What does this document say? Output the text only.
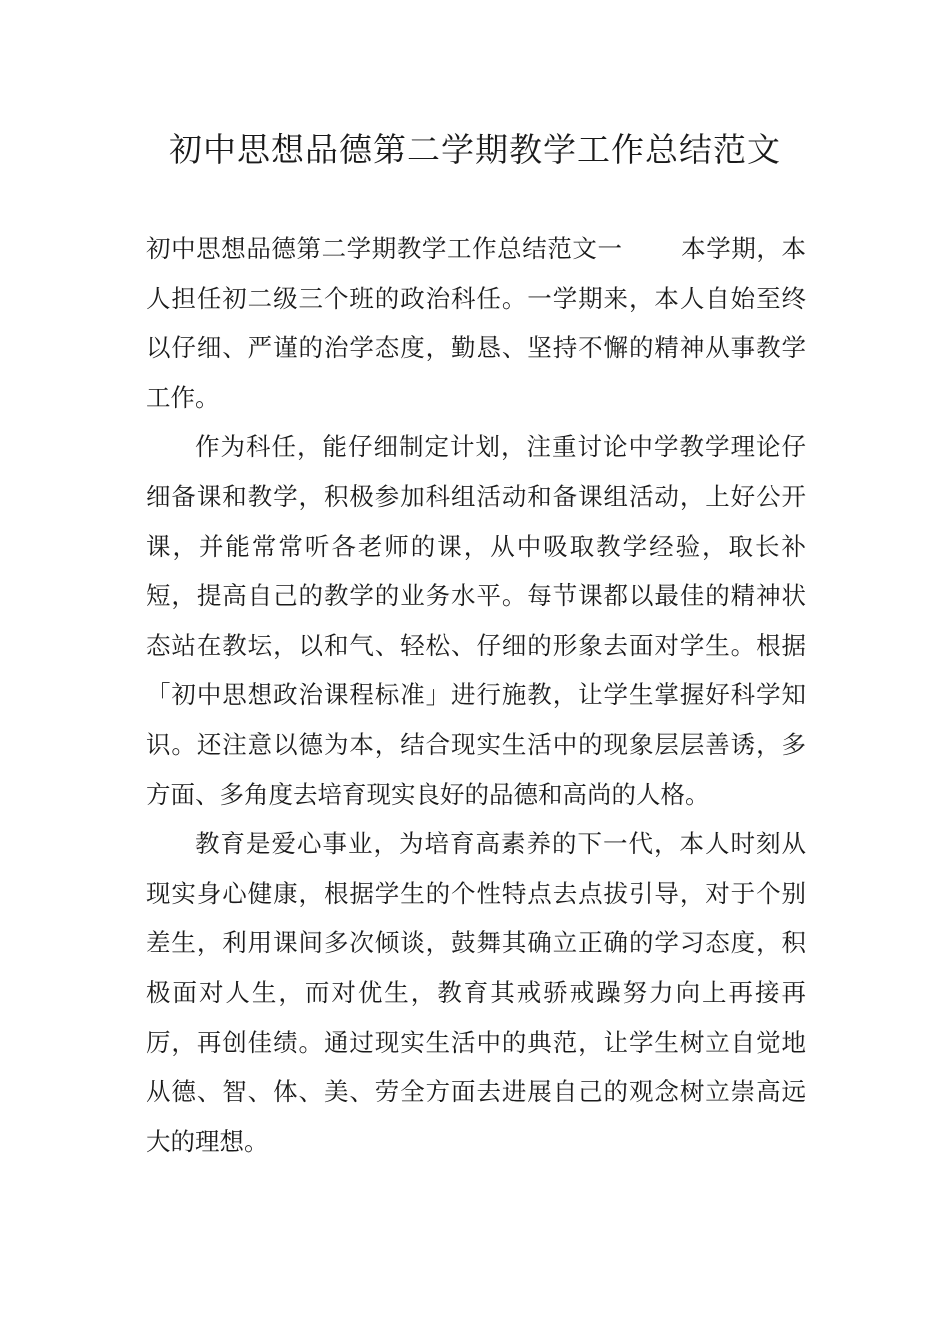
初中思想品德第二学期教学工作总结范文

初中思想品德第二学期教学工作总结范文一 本学期，本人担任初二级三个班的政治科任。一学期来，本人自始至终以仔细、严谨的治学态度，勤恳、坚持不懈的精神从事教学工作。

作为科任，能仔细制定计划，注重讨论中学教学理论仔细备课和教学，积极参加科组活动和备课组活动，上好公开课，并能常常听各老师的课，从中吸取教学经验，取长补短，提高自己的教学的业务水平。每节课都以最佳的精神状态站在教坛，以和气、轻松、仔细的形象去面对学生。根据「初中思想政治课程标准」进行施教，让学生掌握好科学知识。还注意以德为本，结合现实生活中的现象层层善诱，多方面、多角度去培育现实良好的品德和高尚的人格。

教育是爱心事业，为培育高素养的下一代，本人时刻从现实身心健康，根据学生的个性特点去点拔引导，对于个别差生，利用课间多次倾谈，鼓舞其确立正确的学习态度，积极面对人生，而对优生，教育其戒骄戒躁努力向上再接再厉，再创佳绩。通过现实生活中的典范，让学生树立自觉地从德、智、体、美、劳全方面去进展自己的观念树立崇高远大的理想。
